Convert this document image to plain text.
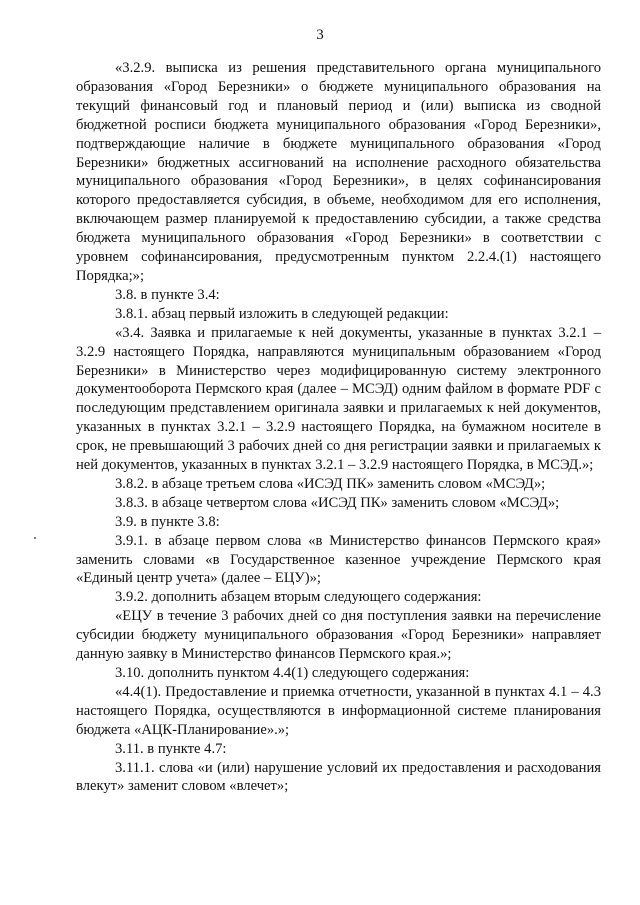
3

«3.2.9. выписка из решения представительного органа муниципального образования «Город Березники» о бюджете муниципального образования на текущий финансовый год и плановый период и (или) выписка из сводной бюджетной росписи бюджета муниципального образования «Город Березники», подтверждающие наличие в бюджете муниципального образования «Город Березники» бюджетных ассигнований на исполнение расходного обязательства муниципального образования «Город Березники», в целях софинансирования которого предоставляется субсидия, в объеме, необходимом для его исполнения, включающем размер планируемой к предоставлению субсидии, а также средства бюджета муниципального образования «Город Березники» в соответствии с уровнем софинансирования, предусмотренным пунктом 2.2.4.(1) настоящего Порядка;»;

3.8. в пункте 3.4:

3.8.1. абзац первый изложить в следующей редакции:

«3.4. Заявка и прилагаемые к ней документы, указанные в пунктах 3.2.1 – 3.2.9 настоящего Порядка, направляются муниципальным образованием «Город Березники» в Министерство через модифицированную систему электронного документооборота Пермского края (далее – МСЭД) одним файлом в формате PDF с последующим представлением оригинала заявки и прилагаемых к ней документов, указанных в пунктах 3.2.1 – 3.2.9 настоящего Порядка, на бумажном носителе в срок, не превышающий 3 рабочих дней со дня регистрации заявки и прилагаемых к ней документов, указанных в пунктах 3.2.1 – 3.2.9 настоящего Порядка, в МСЭД.»;

3.8.2. в абзаце третьем слова «ИСЭД ПК» заменить словом «МСЭД»;

3.8.3. в абзаце четвертом слова «ИСЭД ПК» заменить словом «МСЭД»;

3.9. в пункте 3.8:

3.9.1. в абзаце первом слова «в Министерство финансов Пермского края» заменить словами «в Государственное казенное учреждение Пермского края «Единый центр учета» (далее – ЕЦУ)»;

3.9.2. дополнить абзацем вторым следующего содержания:

«ЕЦУ в течение 3 рабочих дней со дня поступления заявки на перечисление субсидии бюджету муниципального образования «Город Березники» направляет данную заявку в Министерство финансов Пермского края.»;

3.10. дополнить пунктом 4.4(1) следующего содержания:

«4.4(1). Предоставление и приемка отчетности, указанной в пунктах 4.1 – 4.3 настоящего Порядка, осуществляются в информационной системе планирования бюджета «АЦК-Планирование».»;

3.11. в пункте 4.7:

3.11.1. слова «и (или) нарушение условий их предоставления и расходования влекут» заменит словом «влечет»;
